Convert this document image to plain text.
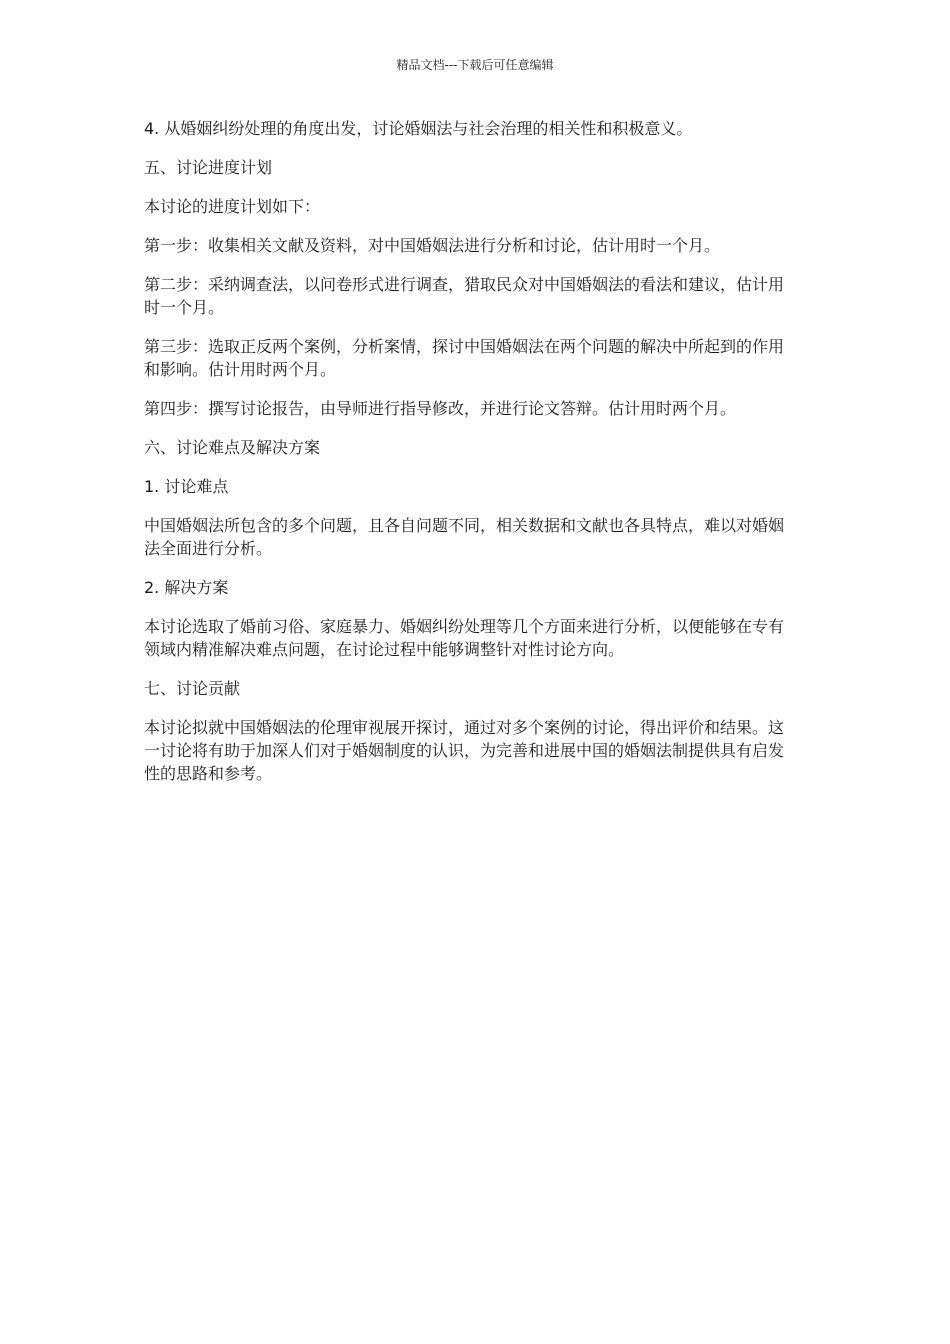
精品文档---下载后可任意编辑

4. 从婚姻纠纷处理的角度出发，讨论婚姻法与社会治理的相关性和积极意义。

五、讨论进度计划

本讨论的进度计划如下：

第一步：收集相关文献及资料，对中国婚姻法进行分析和讨论，估计用时一个月。

第二步：采纳调查法，以问卷形式进行调查，猎取民众对中国婚姻法的看法和建议，估计用时一个月。

第三步：选取正反两个案例，分析案情，探讨中国婚姻法在两个问题的解决中所起到的作用和影响。估计用时两个月。

第四步：撰写讨论报告，由导师进行指导修改，并进行论文答辩。估计用时两个月。

六、讨论难点及解决方案

1. 讨论难点

中国婚姻法所包含的多个问题，且各自问题不同，相关数据和文献也各具特点，难以对婚姻法全面进行分析。

2. 解决方案

本讨论选取了婚前习俗、家庭暴力、婚姻纠纷处理等几个方面来进行分析，以便能够在专有领域内精准解决难点问题，在讨论过程中能够调整针对性讨论方向。

七、讨论贡献

本讨论拟就中国婚姻法的伦理审视展开探讨，通过对多个案例的讨论，得出评价和结果。这一讨论将有助于加深人们对于婚姻制度的认识，为完善和进展中国的婚姻法制提供具有启发性的思路和参考。
